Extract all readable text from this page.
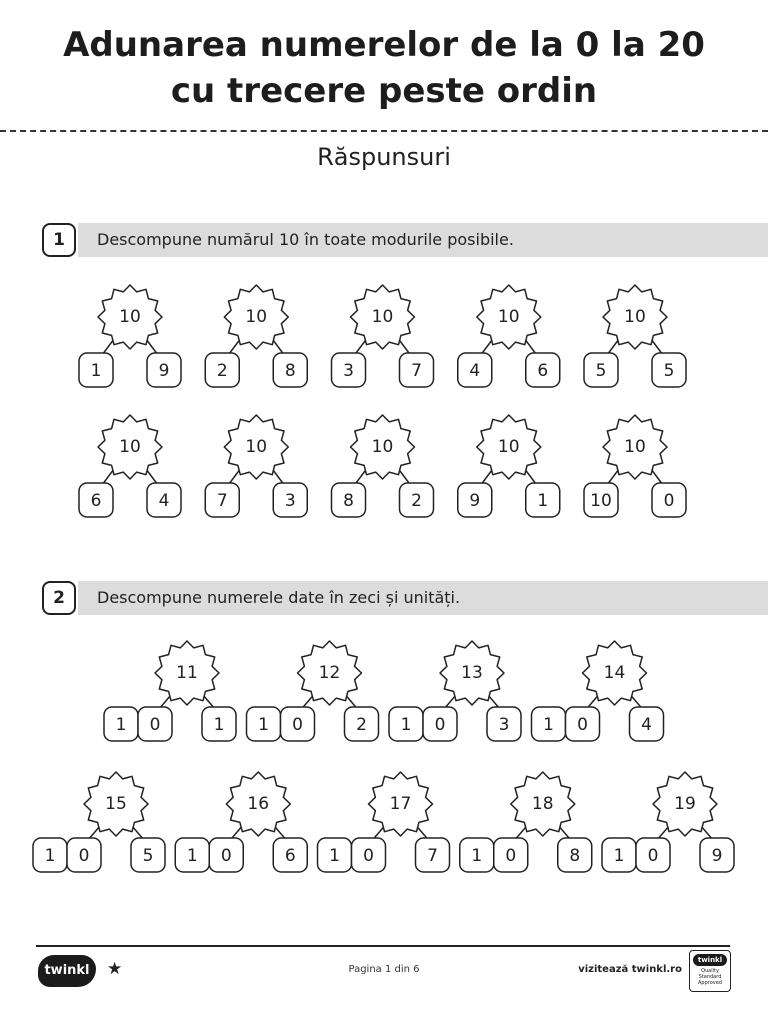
Adunarea numerelor de la 0 la 20
cu trecere peste ordin
Răspunsuri
1	Descompune numărul 10 în toate modurile posibile.
2	Descompune numerele date în zeci și unități.
10
1	9
10
2	8
10
3	7
10
4	6
10
5	5
10
6	4
10
7	3
10
8	2
10
9	1
10
10	0
11
1 0	1
12
1 0	2
13
1 0	3
14
1 0	4
15
1 0	5
16
1 0	6
17
1 0	7
18
1 0	8
19
1 0	9
twinkl	★	Pagina 1 din 6	vizitează twinkl.ro
twinkl
Quality Standard Approved
